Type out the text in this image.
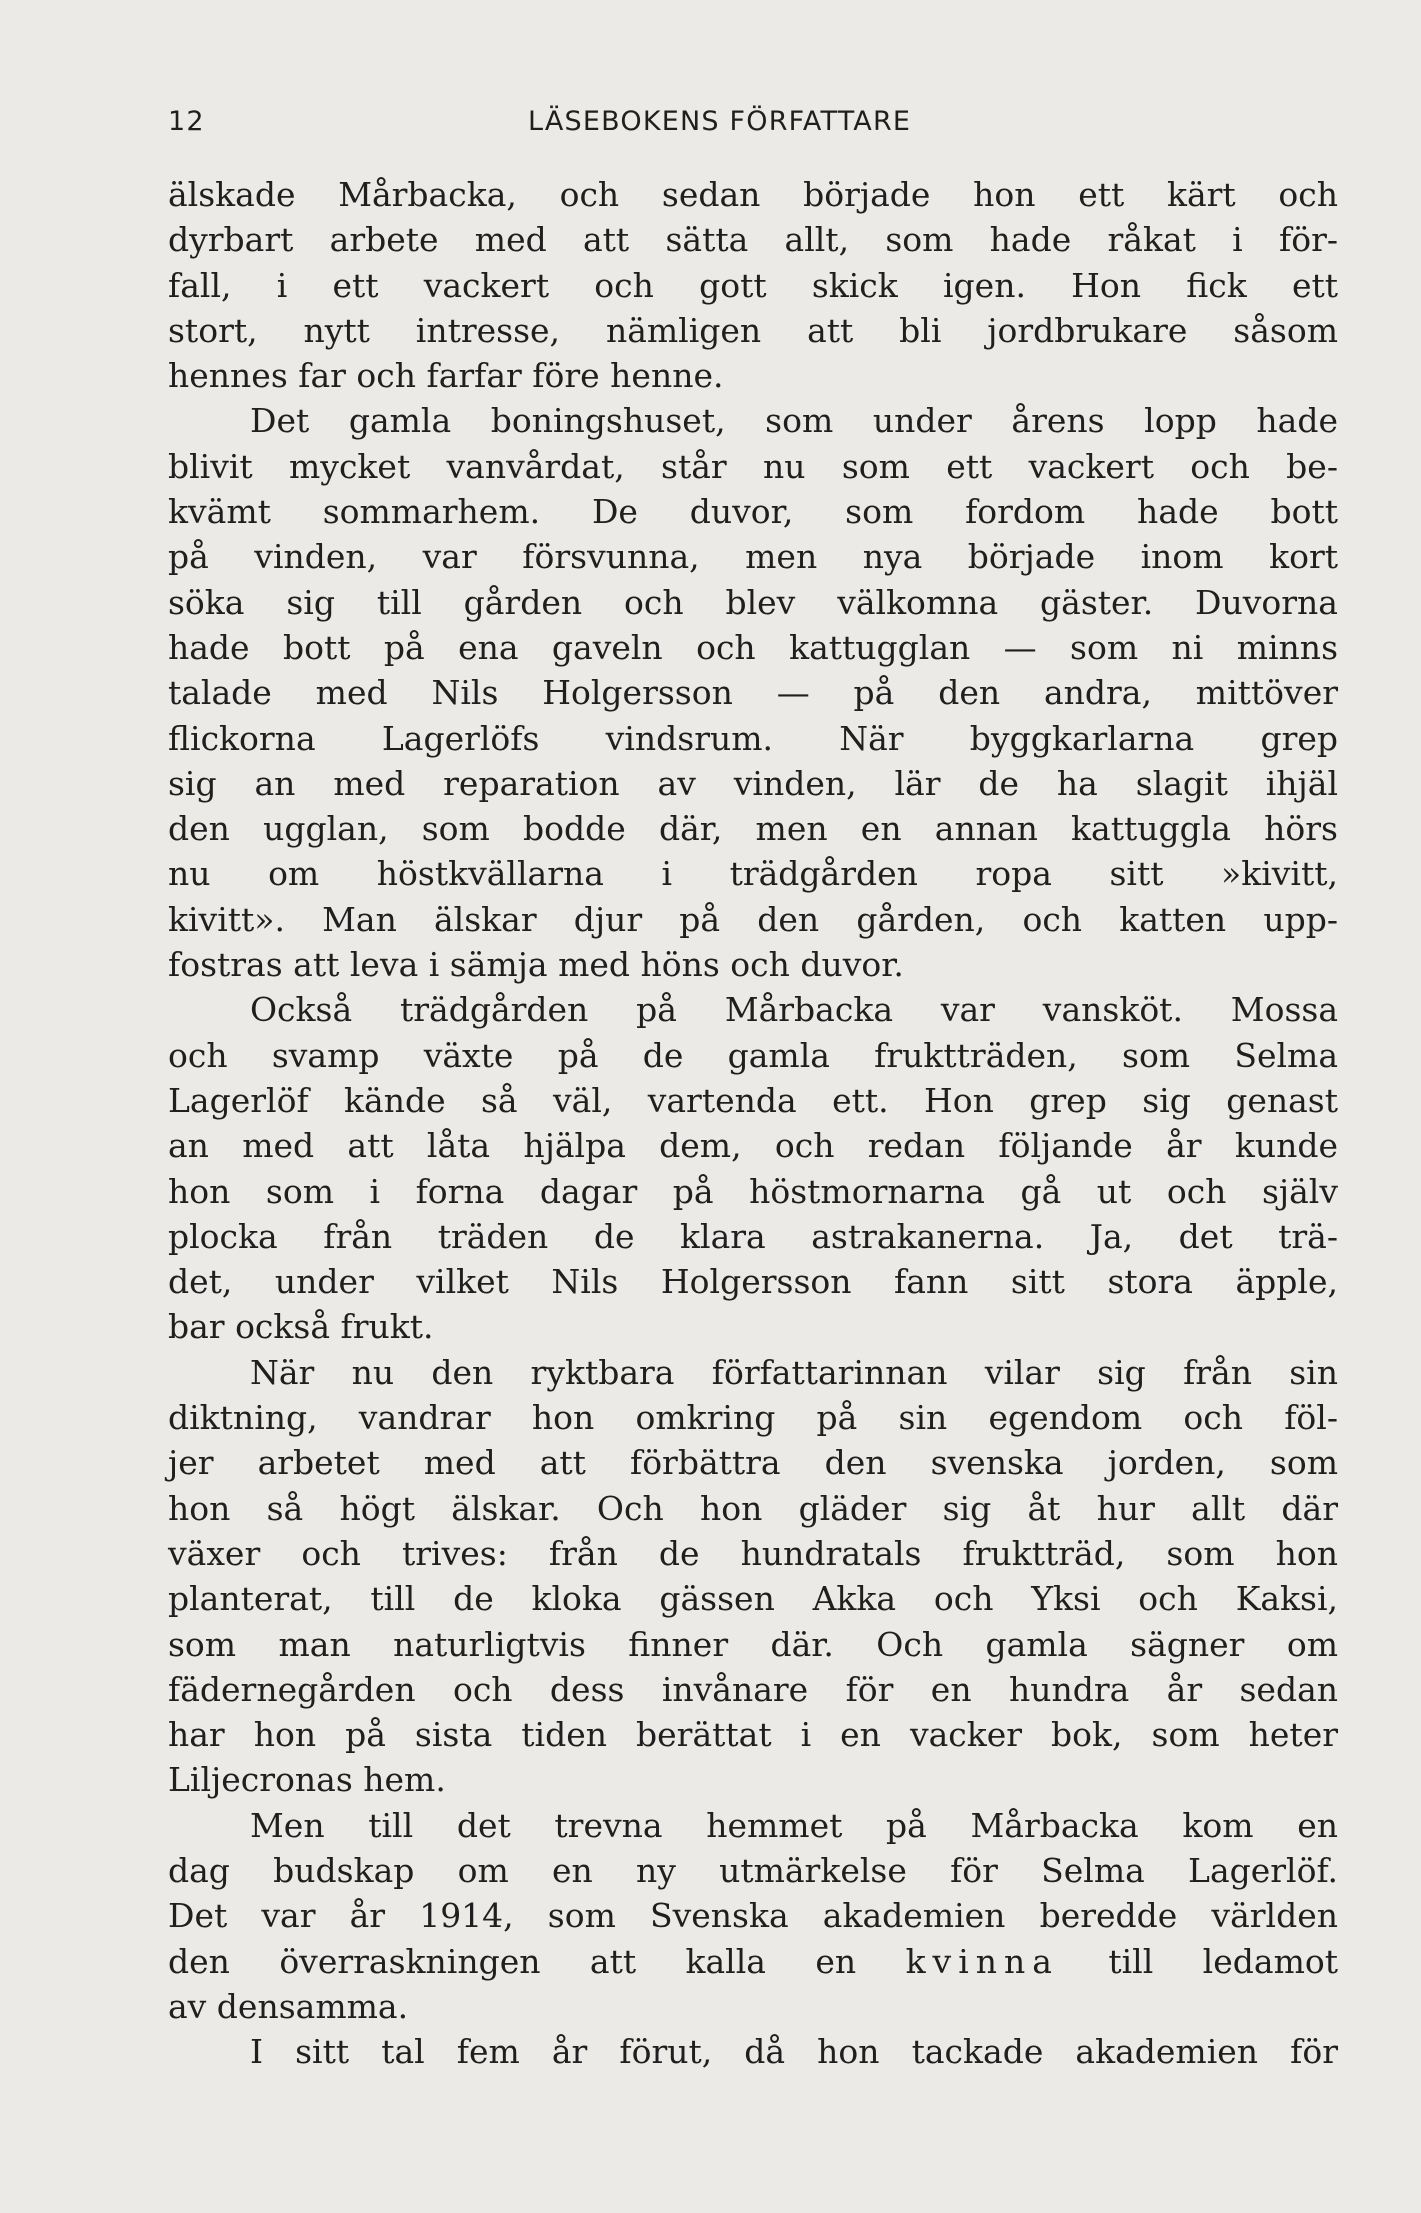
12	LÄSEBOKENS FÖRFATTARE
älskade Mårbacka, och sedan började hon ett kärt och
dyrbart arbete med att sätta allt, som hade råkat i för-
fall, i ett vackert och gott skick igen. Hon fick ett
stort, nytt intresse, nämligen att bli jordbrukare såsom
hennes far och farfar före henne.
Det gamla boningshuset, som under årens lopp hade
blivit mycket vanvårdat, står nu som ett vackert och be-
kvämt sommarhem. De duvor, som fordom hade bott
på vinden, var försvunna, men nya började inom kort
söka sig till gården och blev välkomna gäster. Duvorna
hade bott på ena gaveln och kattugglan — som ni minns
talade med Nils Holgersson — på den andra, mittöver
flickorna Lagerlöfs vindsrum. När byggkarlarna grep
sig an med reparation av vinden, lär de ha slagit ihjäl
den ugglan, som bodde där, men en annan kattuggla hörs
nu om höstkvällarna i trädgården ropa sitt »kivitt,
kivitt». Man älskar djur på den gården, och katten upp-
fostras att leva i sämja med höns och duvor.
Också trädgården på Mårbacka var vansköt. Mossa
och svamp växte på de gamla fruktträden, som Selma
Lagerlöf kände så väl, vartenda ett. Hon grep sig genast
an med att låta hjälpa dem, och redan följande år kunde
hon som i forna dagar på höstmornarna gå ut och själv
plocka från träden de klara astrakanerna. Ja, det trä-
det, under vilket Nils Holgersson fann sitt stora äpple,
bar också frukt.
När nu den ryktbara författarinnan vilar sig från sin
diktning, vandrar hon omkring på sin egendom och föl-
jer arbetet med att förbättra den svenska jorden, som
hon så högt älskar. Och hon gläder sig åt hur allt där
växer och trives: från de hundratals fruktträd, som hon
planterat, till de kloka gässen Akka och Yksi och Kaksi,
som man naturligtvis finner där. Och gamla sägner om
fädernegården och dess invånare för en hundra år sedan
har hon på sista tiden berättat i en vacker bok, som heter
Liljecronas hem.
Men till det trevna hemmet på Mårbacka kom en
dag budskap om en ny utmärkelse för Selma Lagerlöf.
Det var år 1914, som Svenska akademien beredde världen
den överraskningen att kalla en kvinna till ledamot
av densamma.
I sitt tal fem år förut, då hon tackade akademien för
